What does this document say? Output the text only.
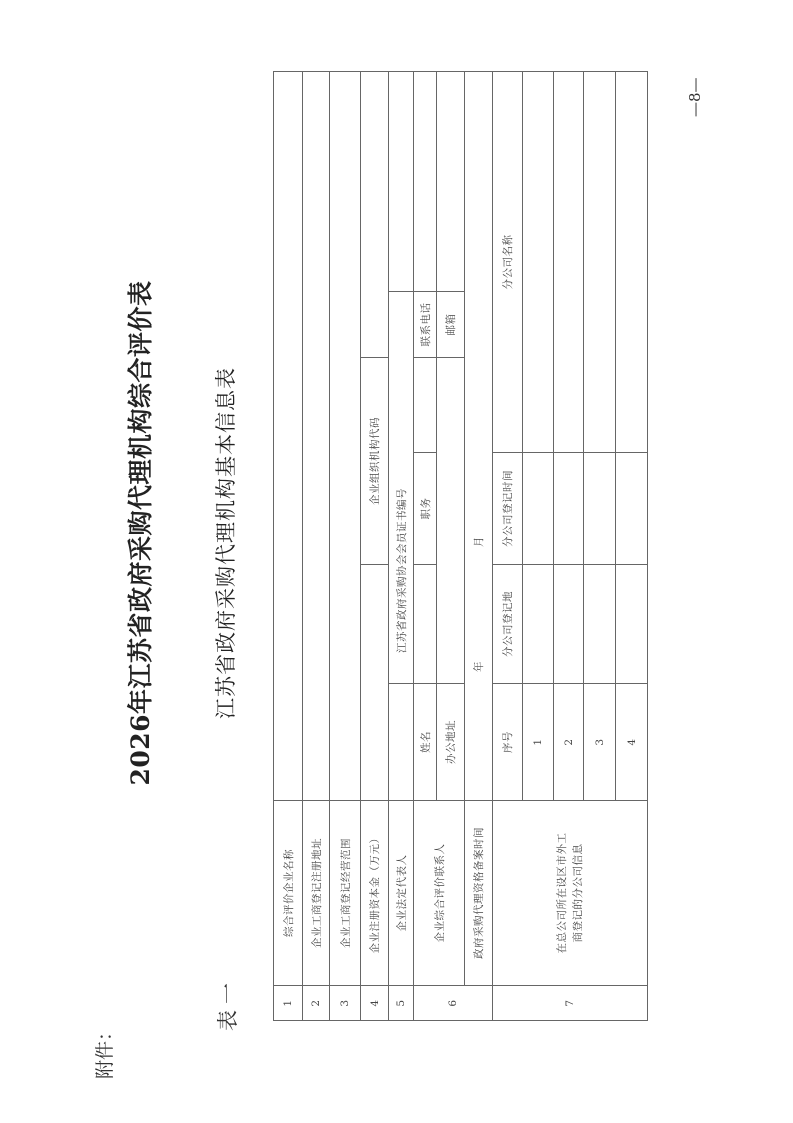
附件：
2026年江苏省政府采购代理机构综合评价表
表一
江苏省政府采购代理机构基本信息表
—8—
1	综合评价企业名称						
2	企业工商登记注册地址						
3	企业工商登记经营范围						
4	企业注册资本金（万元）			企业组织机构代码			
5	企业法定代表人		江苏省政府采购协会会员证书编号				
6	企业综合评价联系人	姓名		职务		联系电话	
		办公地址				邮箱	
	政府采购代理资格备案时间	年 月					
7	在总公司所在设区市外工商登记的分公司信息	序号	分公司登记地	分公司登记时间	分公司名称		
		1					
		2					
		3					
		4					
